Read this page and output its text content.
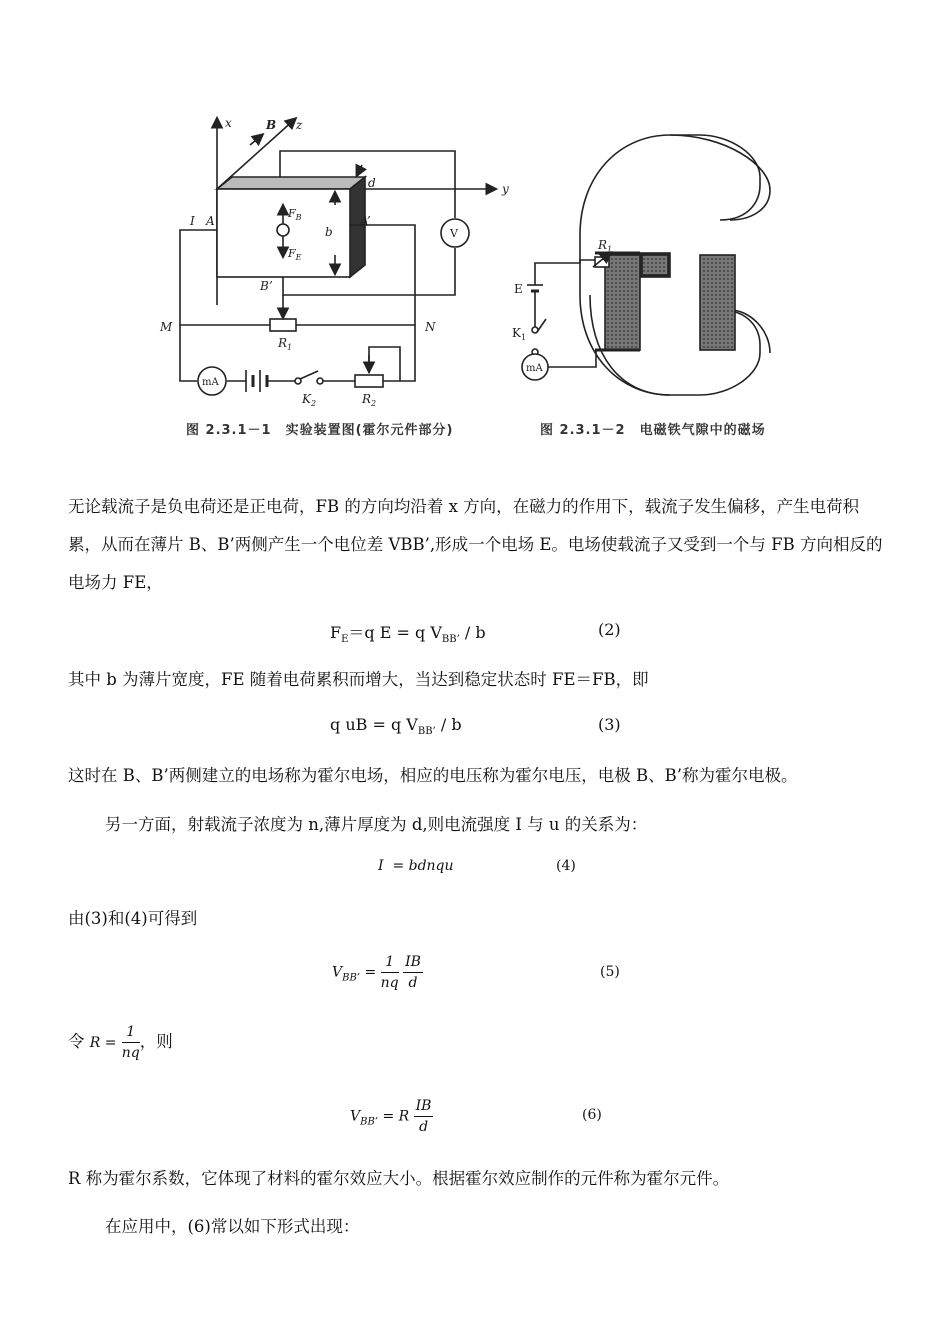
x	B z
d	y
I A	A’
$F_B$
$F_E$
b	V
B’
M	N
$R_1$
mA
$K_2$	$R_2$
$R_1$
E
$K_1$
mA
图 2.3.1－1　实验装置图(霍尔元件部分)	图 2.3.1－2　电磁铁气隙中的磁场
无论载流子是负电荷还是正电荷，FB 的方向均沿着 x 方向，在磁力的作用下，载流子发生偏移，产生电荷积累，从而在薄片 B、B’两侧产生一个电位差 VBB’,形成一个电场 E。电场使载流子又受到一个与 FB 方向相反的电场力 FE，
$F_E=q$ E = q $V_{BB’}$ / b	(2)
其中 b 为薄片宽度，FE 随着电荷累积而增大，当达到稳定状态时 FE＝FB，即
q uB = q $V_{BB’}$ / b	(3)
这时在 B、B’两侧建立的电场称为霍尔电场，相应的电压称为霍尔电压，电极 B、B’称为霍尔电极。
另一方面，射载流子浓度为 n,薄片厚度为 d,则电流强度 I 与 u 的关系为：
I = bdnqu	(4)
由(3)和(4)可得到
$V_{BB’} = \frac{1}{nq}$
$\frac{IB}{d}$	(5)
令 $R = \frac{1}{nq}$ ，则
$V_{BB’} = R \frac{IB}{d}$	(6)
R 称为霍尔系数，它体现了材料的霍尔效应大小。根据霍尔效应制作的元件称为霍尔元件。
在应用中，(6)常以如下形式出现：
